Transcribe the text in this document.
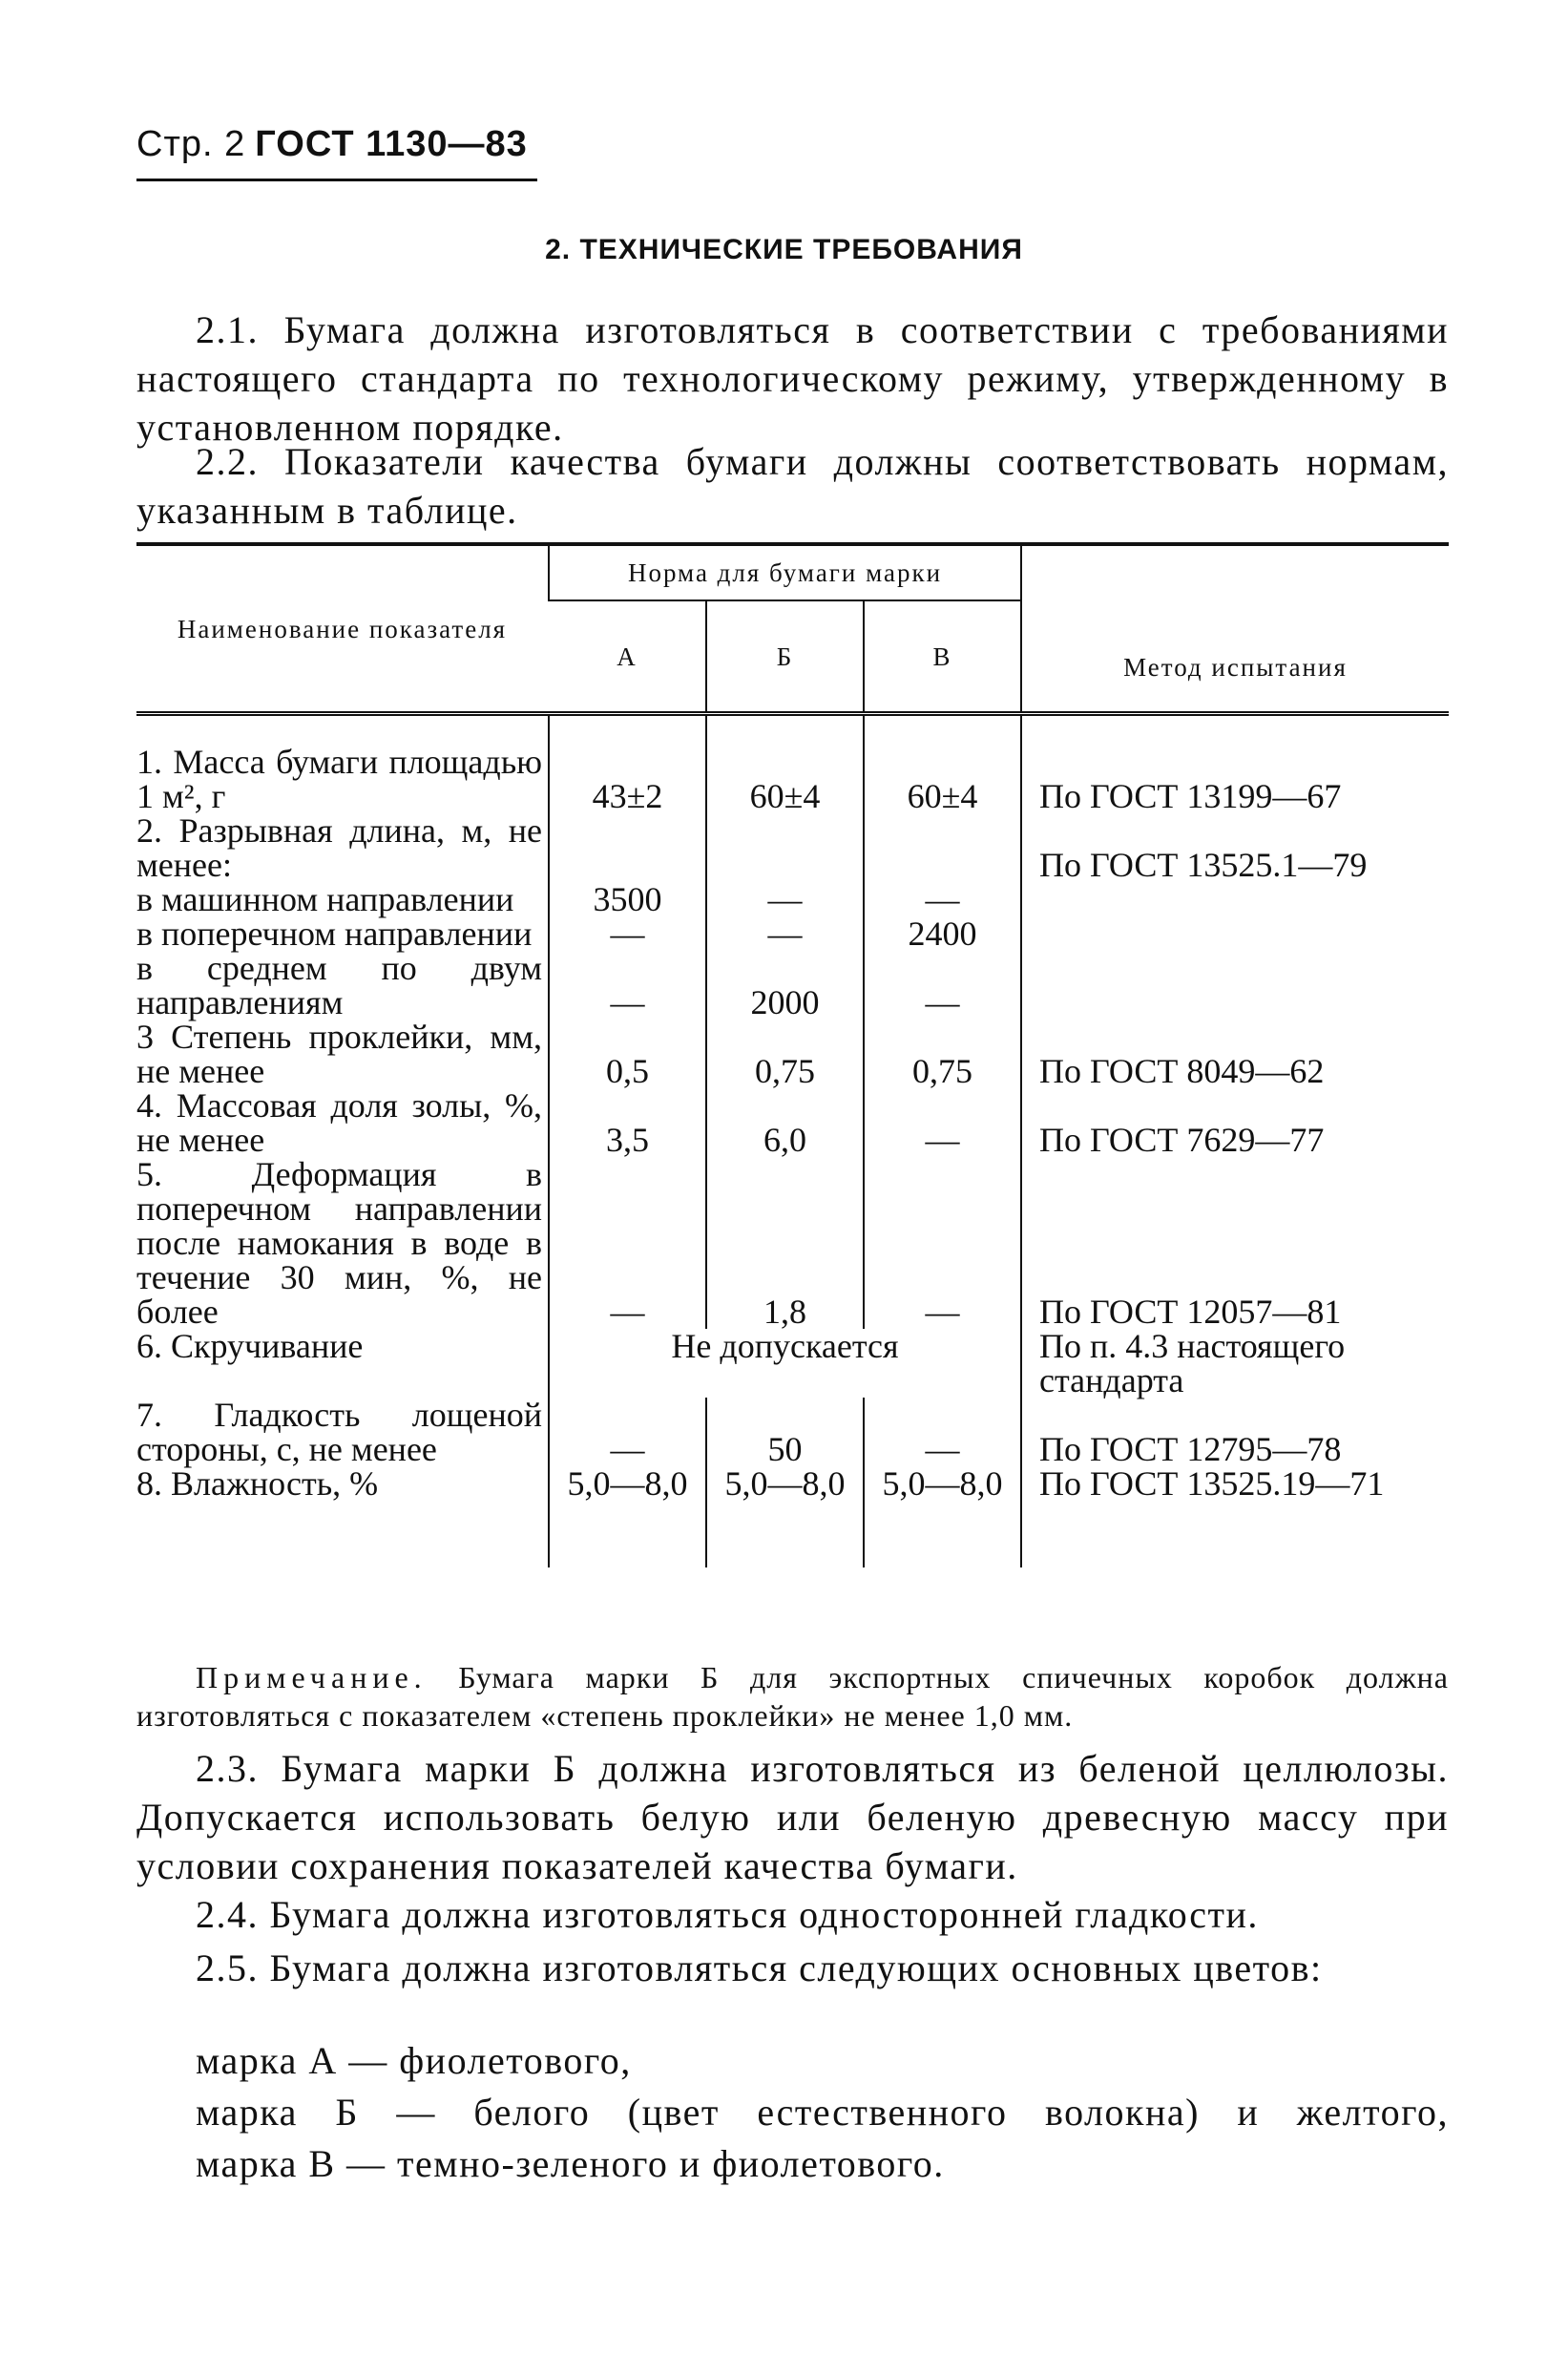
Стр. 2 ГОСТ 1130—83
2. ТЕХНИЧЕСКИЕ ТРЕБОВАНИЯ
2.1. Бумага должна изготовляться в соответствии с требованиями настоящего стандарта по технологическому режиму, утвержденному в установленном порядке.
2.2. Показатели качества бумаги должны соответствовать нормам, указанным в таблице.
Наименование показателя	Норма для бумаги марки			Метод испытания
	А	Б	В	

1. Масса бумаги площадью 1 м², г	43±2	60±4	60±4	По ГОСТ 13199—67
2. Разрывная длина, м, не менее:				По ГОСТ 13525.1—79
в машинном направлении	3500	—	—	
в поперечном направлении	—	—	2400	
в среднем по двум направлениям	—	2000	—	
3 Степень проклейки, мм, не менее	0,5	0,75	0,75	По ГОСТ 8049—62
4. Массовая доля золы, %, не менее	3,5	6,0	—	По ГОСТ 7629—77
5. Деформация в поперечном направлении после намокания в воде в течение 30 мин, %, не более	—	1,8	—	По ГОСТ 12057—81
6. Скручивание	Не допускается			По п. 4.3 настоящего стандарта
7. Гладкость лощеной стороны, с, не менее	—	50	—	По ГОСТ 12795—78
8. Влажность, %	5,0—8,0	5,0—8,0	5,0—8,0	По ГОСТ 13525.19—71

Примечание. Бумага марки Б для экспортных спичечных коробок должна изготовляться с показателем «степень проклейки» не менее 1,0 мм.
2.3. Бумага марки Б должна изготовляться из беленой целлюлозы. Допускается использовать белую или беленую древесную массу при условии сохранения показателей качества бумаги.
2.4. Бумага должна изготовляться односторонней гладкости.
2.5. Бумага должна изготовляться следующих основных цветов:
марка А — фиолетового,
марка Б — белого (цвет естественного волокна) и желтого,
марка В — темно-зеленого и фиолетового.
